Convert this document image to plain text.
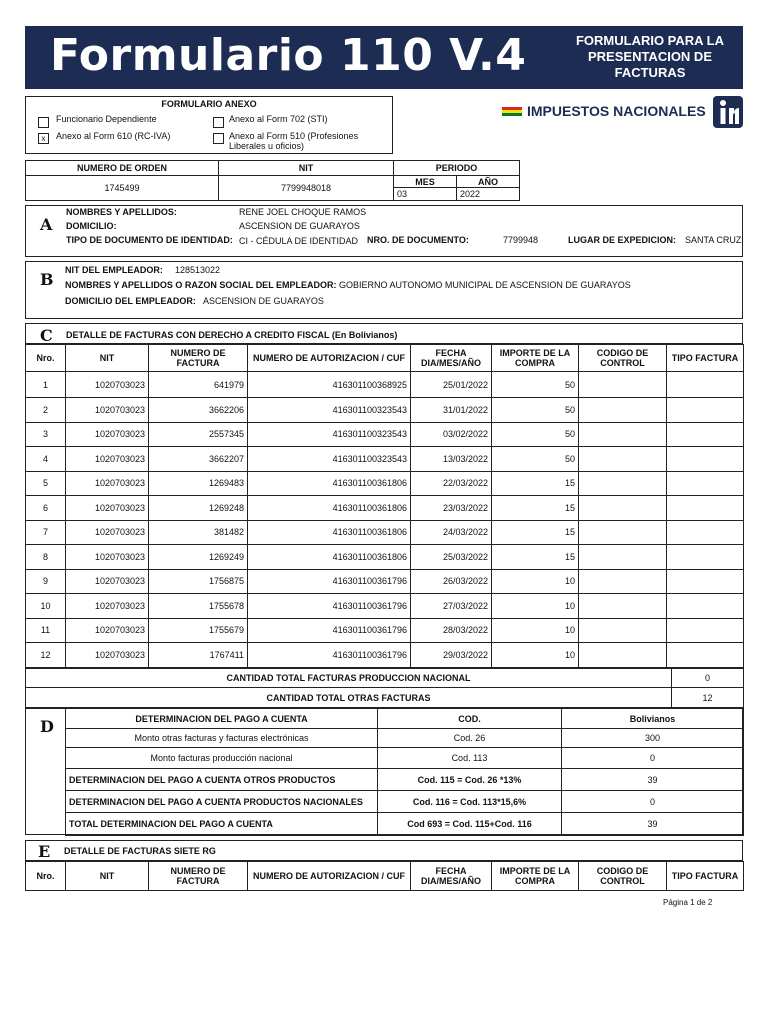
Formulario 110 V.4	FORMULARIO PARA LA PRESENTACION DE FACTURAS
FORMULARIO ANEXO
Funcionario Dependiente
x	Anexo al Form 610 (RC-IVA)
Anexo al Form 702 (STI)
Anexo al Form 510 (Profesiones Liberales u oficios)
IMPUESTOS NACIONALES
NUMERO DE ORDEN	NIT	PERIODO	
1745499	7799948018	MES	AÑO
		03	2022
A
NOMBRES Y APELLIDOS:	RENE JOEL CHOQUE RAMOS
DOMICILIO:	ASCENSION DE GUARAYOS
TIPO DE DOCUMENTO DE IDENTIDAD: CI - CÉDULA DE IDENTIDAD NRO. DE DOCUMENTO:	7799948	LUGAR DE EXPEDICION: SANTA CRUZ
B NIT DEL EMPLEADOR: 128513022
NOMBRES Y APELLIDOS O RAZON SOCIAL DEL EMPLEADOR: GOBIERNO AUTONOMO MUNICIPAL DE ASCENSION DE GUARAYOS
DOMICILIO DEL EMPLEADOR: ASCENSION DE GUARAYOS
C DETALLE DE FACTURAS CON DERECHO A CREDITO FISCAL (En Bolivianos)
Nro.	NIT	NUMERO DE FACTURA	NUMERO DE AUTORIZACION / CUF	FECHA DIA/MES/AÑO	IMPORTE DE LA COMPRA	CODIGO DE CONTROL	TIPO FACTURA
1	1020703023	641979	416301100368925	25/01/2022	50		
2	1020703023	3662206	416301100323543	31/01/2022	50		
3	1020703023	2557345	416301100323543	03/02/2022	50		
4	1020703023	3662207	416301100323543	13/03/2022	50		
5	1020703023	1269483	416301100361806	22/03/2022	15		
6	1020703023	1269248	416301100361806	23/03/2022	15		
7	1020703023	381482	416301100361806	24/03/2022	15		
8	1020703023	1269249	416301100361806	25/03/2022	15		
9	1020703023	1756875	416301100361796	26/03/2022	10		
10	1020703023	1755678	416301100361796	27/03/2022	10		
11	1020703023	1755679	416301100361796	28/03/2022	10		
12	1020703023	1767411	416301100361796	29/03/2022	10		
CANTIDAD TOTAL FACTURAS PRODUCCION NACIONAL	0
CANTIDAD TOTAL OTRAS FACTURAS	12
D	DETERMINACION DEL PAGO A CUENTA	COD.	Bolivianos
Monto otras facturas y facturas electrónicas	Cod. 26	300
Monto facturas producción nacional	Cod. 113	0
DETERMINACION DEL PAGO A CUENTA OTROS PRODUCTOS	Cod. 115 = Cod. 26 *13%	39
DETERMINACION DEL PAGO A CUENTA PRODUCTOS NACIONALES	Cod. 116 = Cod. 113*15,6%	0
TOTAL DETERMINACION DEL PAGO A CUENTA	Cod 693 = Cod. 115+Cod. 116	39
E DETALLE DE FACTURAS SIETE RG
Nro.	NIT	NUMERO DE FACTURA	NUMERO DE AUTORIZACION / CUF	FECHA DIA/MES/AÑO	IMPORTE DE LA COMPRA	CODIGO DE CONTROL	TIPO FACTURA
Página 1 de 2
